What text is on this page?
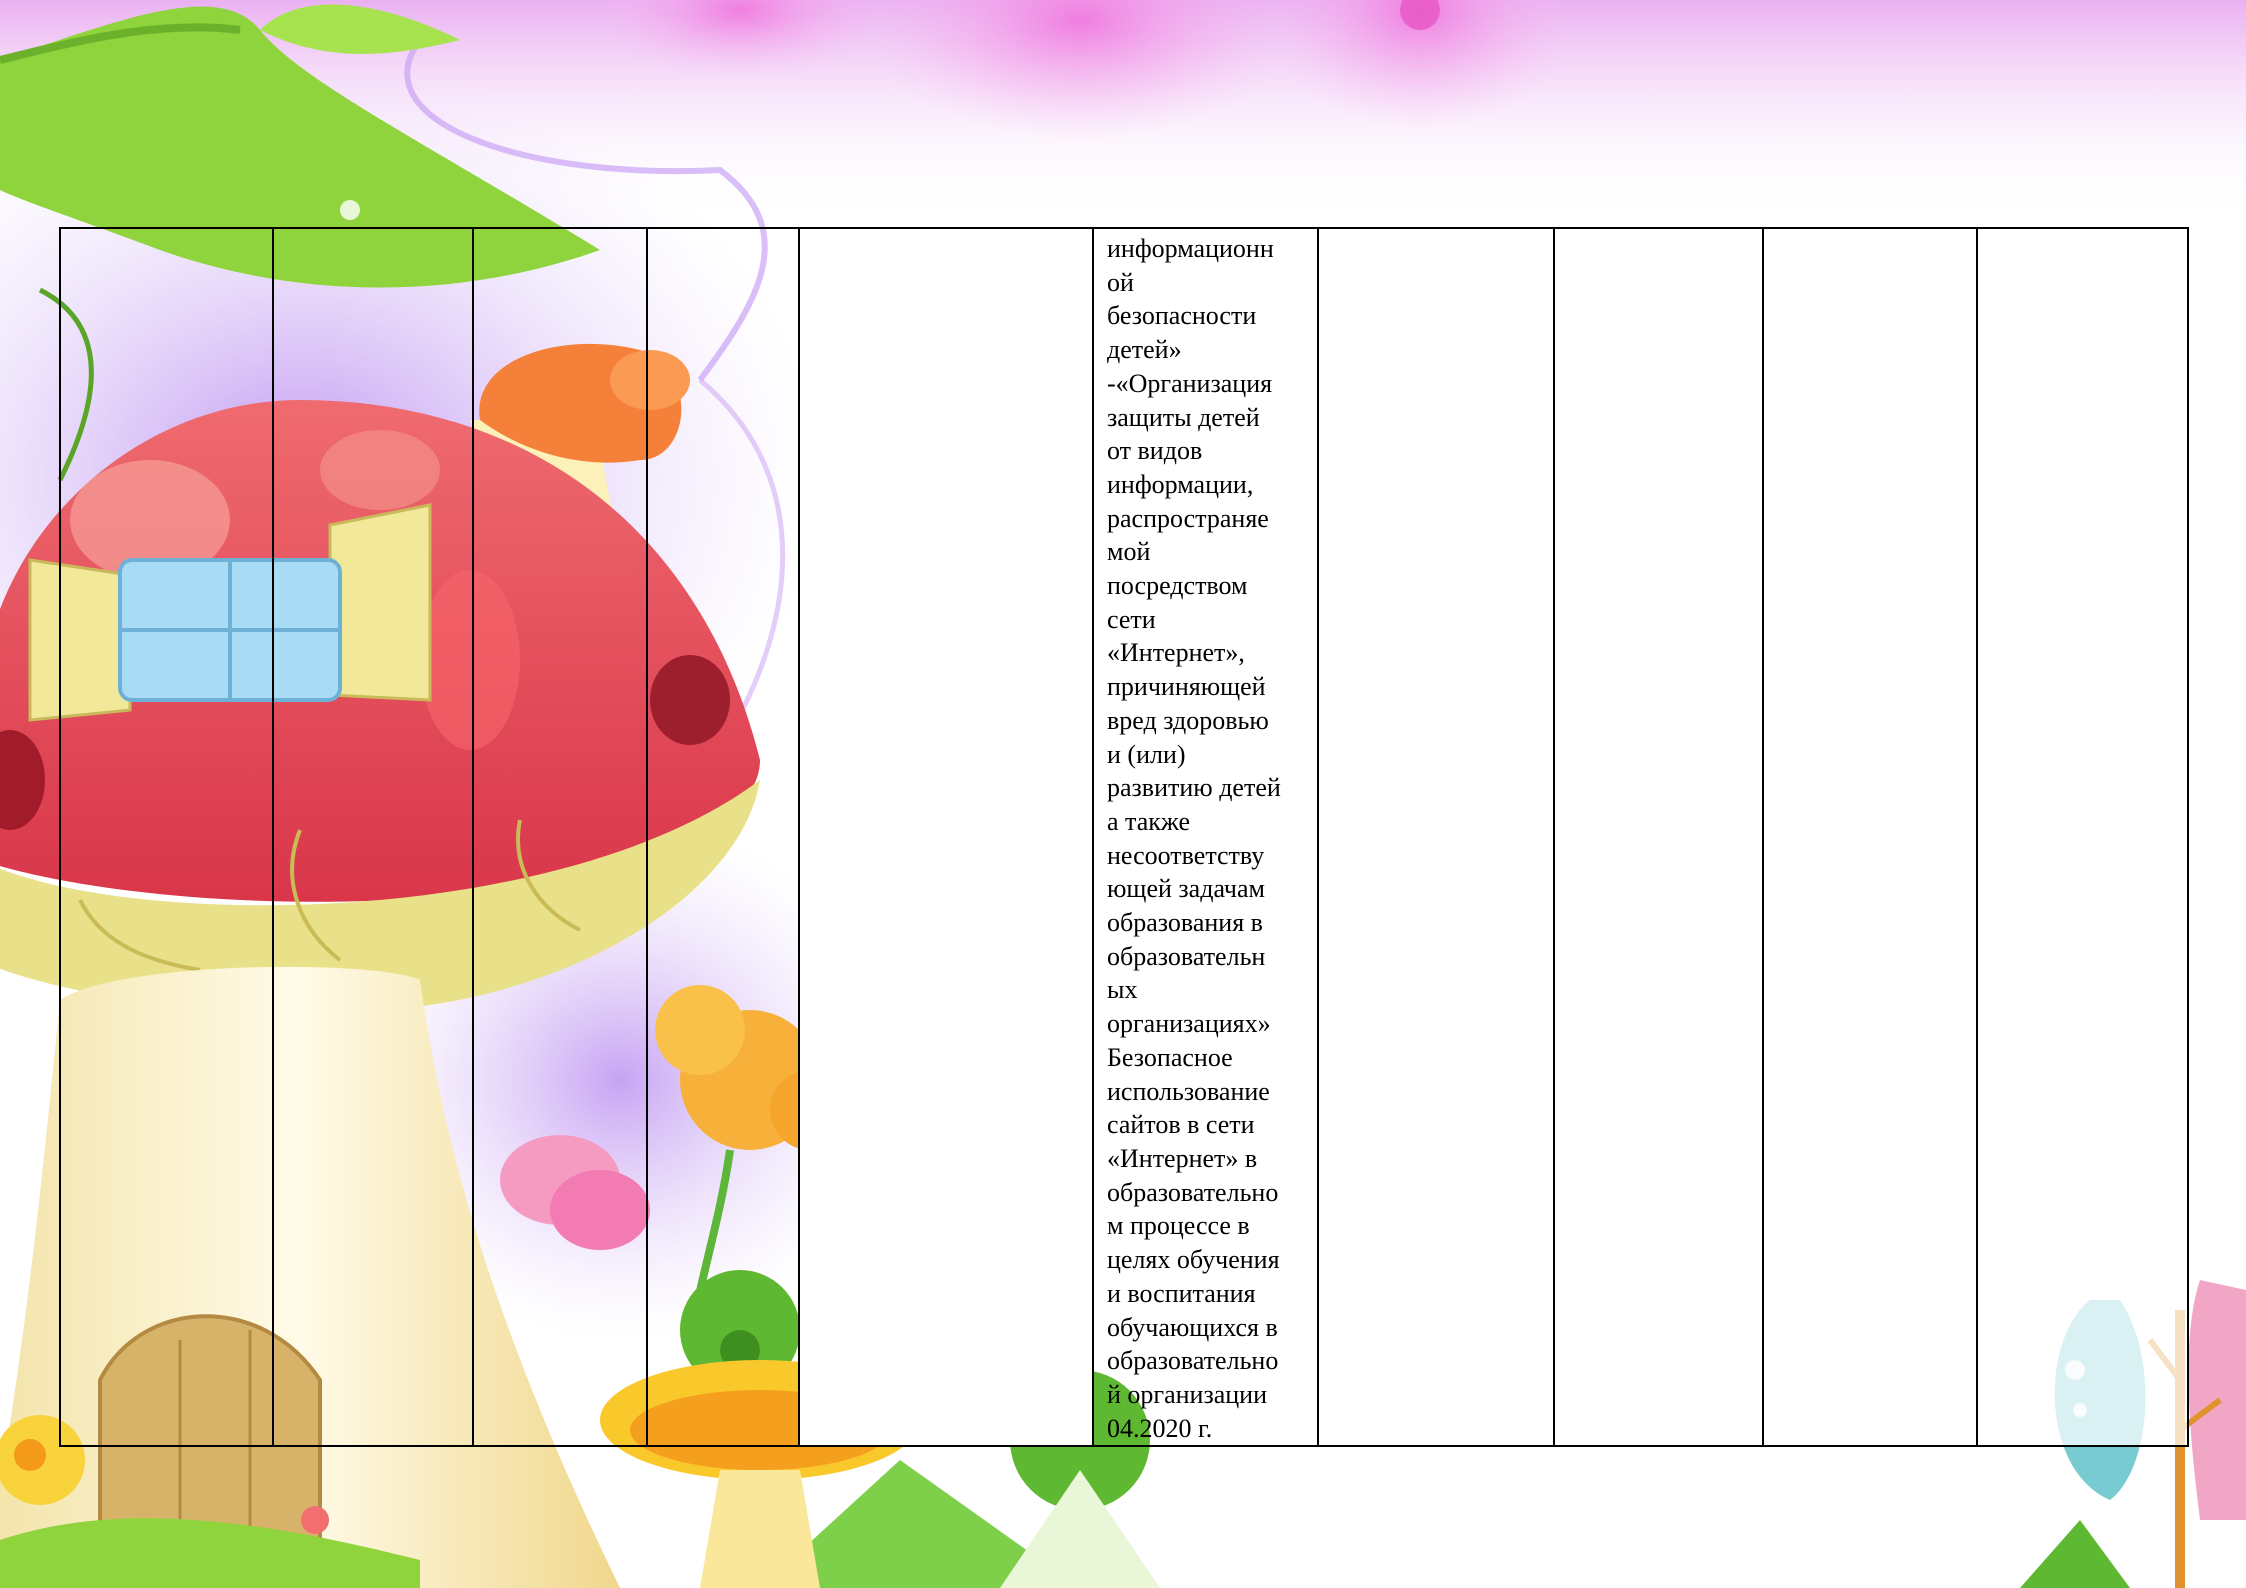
					информационн
ой
безопасности
детей»
-«Организация
защиты детей
от видов
информации,
распространяе
мой
посредством
сети
«Интернет»,
причиняющей
вред здоровью
и (или)
развитию детей
а также
несоответству
ющей задачам
образования в
образовательн
ых
организациях»
Безопасное
использование
сайтов в сети
«Интернет» в
образовательно
м процессе в
целях обучения
и воспитания
обучающихся в
образовательно
й организации
04.2020 г.				
